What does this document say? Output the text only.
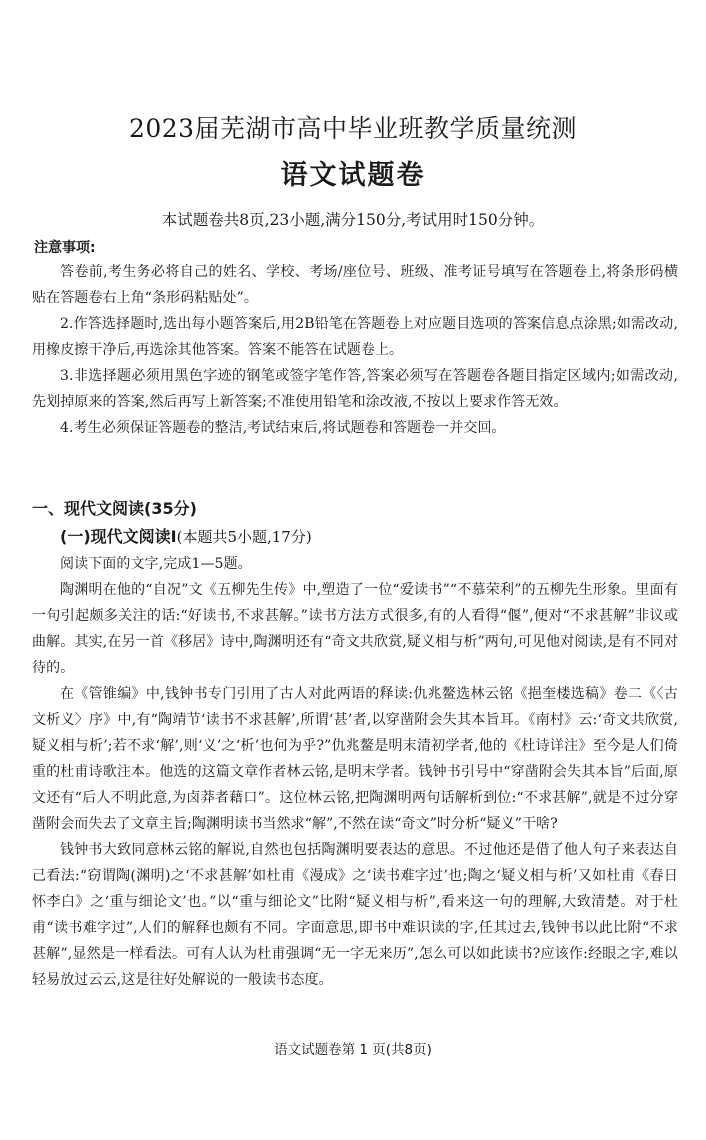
2023届芜湖市高中毕业班教学质量统测
语文试题卷
本试题卷共8页,23小题,满分150分,考试用时150分钟。
注意事项:

答卷前,考生务必将自己的姓名、学校、考场/座位号、班级、准考证号填写在答题卷上,将条形码横贴在答题卷右上角“条形码粘贴处”。

2.作答选择题时,选出每小题答案后,用2B铅笔在答题卷上对应题目选项的答案信息点涂黑;如需改动,用橡皮擦干净后,再选涂其他答案。答案不能答在试题卷上。

3.非选择题必须用黑色字迹的钢笔或签字笔作答,答案必须写在答题卷各题目指定区域内;如需改动,先划掉原来的答案,然后再写上新答案;不准使用铅笔和涂改液,不按以上要求作答无效。

4.考生必须保证答题卷的整洁,考试结束后,将试题卷和答题卷一并交回。

一、现代文阅读(35分)
(一)现代文阅读Ⅰ(本题共5小题,17分)

阅读下面的文字,完成1—5题。

陶渊明在他的“自况”文《五柳先生传》中,塑造了一位“爱读书”“不慕荣利”的五柳先生形象。里面有一句引起颇多关注的话:“好读书,不求甚解。”读书方法方式很多,有的人看得“偃”,便对“不求甚解”非议或曲解。其实,在另一首《移居》诗中,陶渊明还有“奇文共欣赏,疑义相与析”两句,可见他对阅读,是有不同对待的。

在《管锥编》中,钱钟书专门引用了古人对此两语的释读:仇兆鳌选林云铭《挹奎楼选稿》卷二《〈古文析义〉序》中,有“陶靖节‘读书不求甚解’,所谓‘甚’者,以穿凿附会失其本旨耳。《南村》云:‘奇文共欣赏,疑义相与析’;若不求‘解’,则‘义’之‘析’也何为乎?”仇兆鳌是明末清初学者,他的《杜诗详注》至今是人们倚重的杜甫诗歌注本。他选的这篇文章作者林云铭,是明末学者。钱钟书引号中“穿凿附会失其本旨”后面,原文还有“后人不明此意,为卤莽者藉口”。这位林云铭,把陶渊明两句话解析到位:“不求甚解”,就是不过分穿凿附会而失去了文章主旨;陶渊明读书当然求“解”,不然在读“奇文”时分析“疑义”干啥?

钱钟书大致同意林云铭的解说,自然也包括陶渊明要表达的意思。不过他还是借了他人句子来表达自己看法:“窃谓陶(渊明)之‘不求甚解’如杜甫《漫成》之‘读书难字过’也;陶之‘疑义相与析’又如杜甫《春日怀李白》之‘重与细论文’也。”以“重与细论文”比附“疑义相与析”,看来这一句的理解,大致清楚。对于杜甫“读书难字过”,人们的解释也颇有不同。字面意思,即书中难识读的字,任其过去,钱钟书以此比附“不求甚解”,显然是一样看法。可有人认为杜甫强调“无一字无来历”,怎么可以如此读书?应该作:经眼之字,难以轻易放过云云,这是往好处解说的一般读书态度。

语文试题卷第 1 页(共8页)
